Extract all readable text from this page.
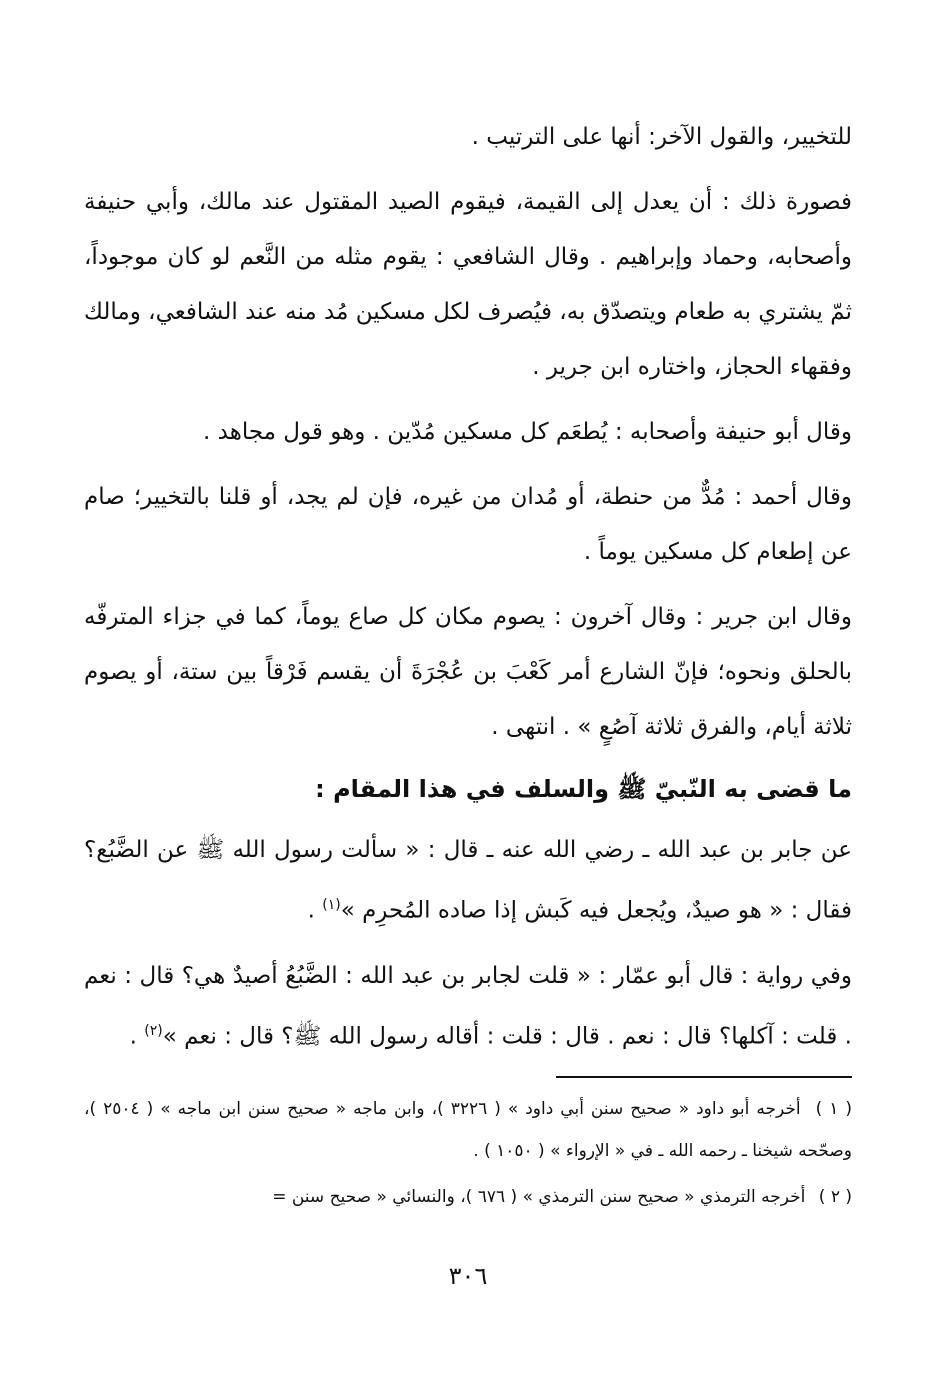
للتخيير، والقول الآخر: أنها على الترتيب .

فصورة ذلك : أن يعدل إلى القيمة، فيقوم الصيد المقتول عند مالك، وأبي حنيفة وأصحابه، وحماد وإبراهيم . وقال الشافعي : يقوم مثله من النَّعم لو كان موجوداً، ثمّ يشتري به طعام ويتصدّق به، فيُصرف لكل مسكين مُد منه عند الشافعي، ومالك وفقهاء الحجاز، واختاره ابن جرير .

وقال أبو حنيفة وأصحابه : يُطعَم كل مسكين مُدّين . وهو قول مجاهد .

وقال أحمد : مُدٌّ من حنطة، أو مُدان من غيره، فإن لم يجد، أو قلنا بالتخيير؛ صام عن إطعام كل مسكين يوماً .

وقال ابن جرير : وقال آخرون : يصوم مكان كل صاع يوماً، كما في جزاء المترفّه بالحلق ونحوه؛ فإنّ الشارع أمر كَعْبَ بن عُجْرَةَ أن يقسم فَرْقاً بين ستة، أو يصوم ثلاثة أيام، والفرق ثلاثة آصُعٍ » . انتهى .

ما قضى به النّبيّ ﷺ والسلف في هذا المقام :

عن جابر بن عبد الله ـ رضي الله عنه ـ قال : « سألت رسول الله ﷺ عن الضَّبُع؟ فقال : « هو صيدٌ، ويُجعل فيه كَبش إذا صاده المُحرِم »$^{(١)}$ .

وفي رواية : قال أبو عمّار : « قلت لجابر بن عبد الله : الضَّبُعُ أصيدٌ هي؟ قال : نعم . قلت : آكلها؟ قال : نعم . قال : قلت : أقاله رسول الله ﷺ؟ قال : نعم »$^{(٢)}$ .

( ١ ) أخرجه أبو داود « صحيح سنن أبي داود » ( ٣٢٢٦ )، وابن ماجه « صحيح سنن ابن ماجه » ( ٢٥٠٤ )، وصحّحه شيخنا ـ رحمه الله ـ في « الإرواء » ( ١٠٥٠ ) .

( ٢ ) أخرجه الترمذي « صحيح سنن الترمذي » ( ٦٧٦ )، والنسائي « صحيح سنن =

٣٠٦
